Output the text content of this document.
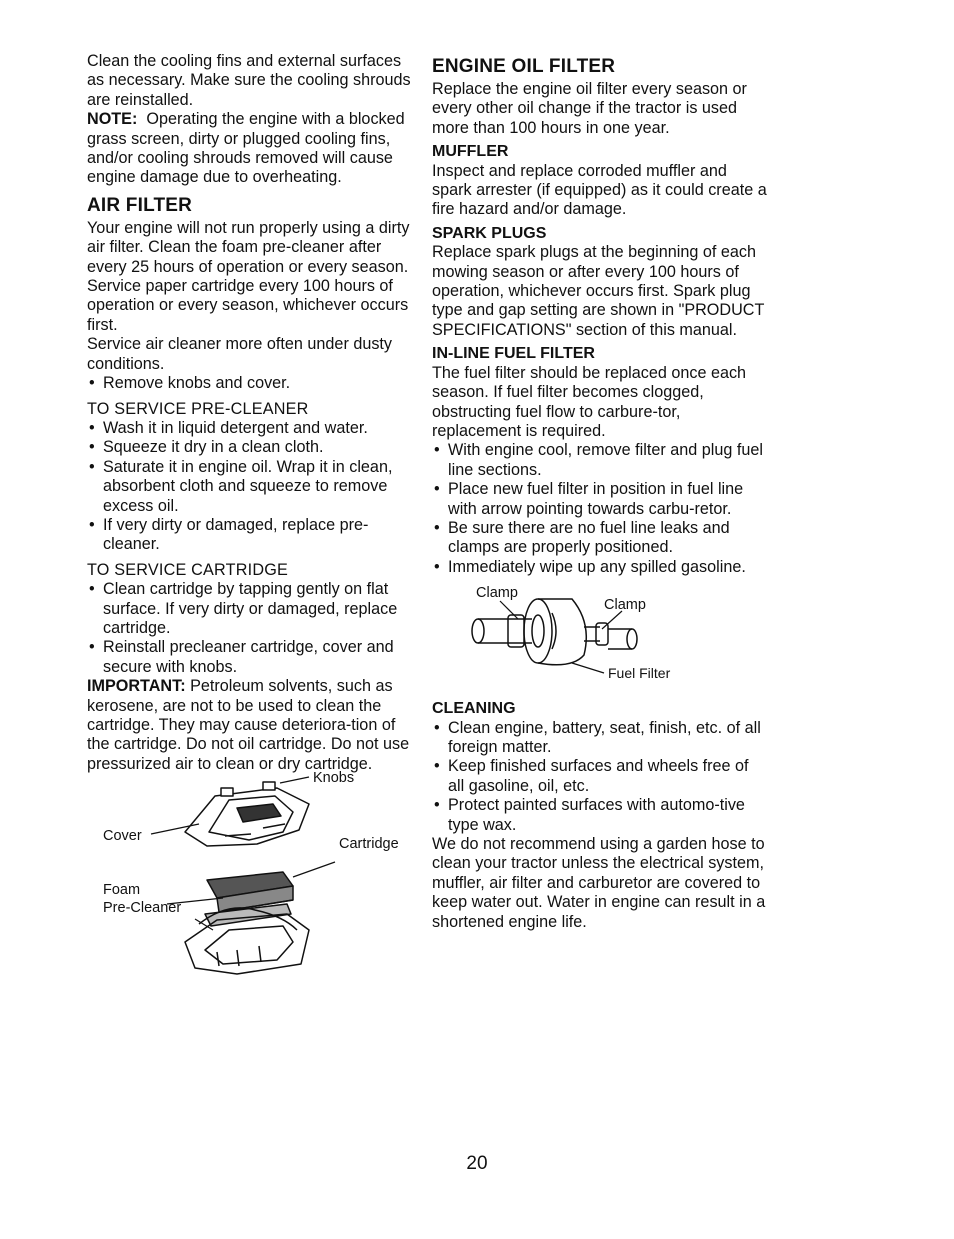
Clean the cooling fins and external surfaces as necessary. Make sure the cooling shrouds are reinstalled.

NOTE: Operating the engine with a blocked grass screen, dirty or plugged cooling fins, and/or cooling shrouds removed will cause engine damage due to overheating.

AIR FILTER

Your engine will not run properly using a dirty air filter. Clean the foam pre-cleaner after every 25 hours of operation or every season. Service paper cartridge every 100 hours of operation or every season, whichever occurs first.

Service air cleaner more often under dusty conditions.

• Remove knobs and cover.

TO SERVICE PRE-CLEANER

• Wash it in liquid detergent and water.
• Squeeze it dry in a clean cloth.
• Saturate it in engine oil. Wrap it in clean, absorbent cloth and squeeze to remove excess oil.
• If very dirty or damaged, replace pre-cleaner.

TO SERVICE CARTRIDGE

• Clean cartridge by tapping gently on flat surface. If very dirty or damaged, replace cartridge.
• Reinstall precleaner cartridge, cover and secure with knobs.

IMPORTANT: Petroleum solvents, such as kerosene, are not to be used to clean the cartridge. They may cause deteriora-tion of the cartridge. Do not oil cartridge. Do not use pressurized air to clean or dry cartridge.

Knobs
Cover	Cartridge
Foam
Pre-Cleaner
ENGINE OIL FILTER

Replace the engine oil filter every season or every other oil change if the tractor is used more than 100 hours in one year.

MUFFLER

Inspect and replace corroded muffler and spark arrester (if equipped) as it could create a fire hazard and/or damage.

SPARK PLUGS

Replace spark plugs at the beginning of each mowing season or after every 100 hours of operation, whichever occurs first. Spark plug type and gap setting are shown in "PRODUCT SPECIFICATIONS" section of this manual.

IN-LINE FUEL FILTER

The fuel filter should be replaced once each season. If fuel filter becomes clogged, obstructing fuel flow to carbure-tor, replacement is required.

• With engine cool, remove filter and plug fuel line sections.
• Place new fuel filter in position in fuel line with arrow pointing towards carbu-retor.
• Be sure there are no fuel line leaks and clamps are properly positioned.
• Immediately wipe up any spilled gasoline.
Clamp
Clamp
Fuel Filter
CLEANING
• Clean engine, battery, seat, finish, etc. of all foreign matter.
• Keep finished surfaces and wheels free of all gasoline, oil, etc.
• Protect painted surfaces with automo-tive type wax.

We do not recommend using a garden hose to clean your tractor unless the electrical system, muffler, air filter and carburetor are covered to keep water out. Water in engine can result in a shortened engine life.

20
